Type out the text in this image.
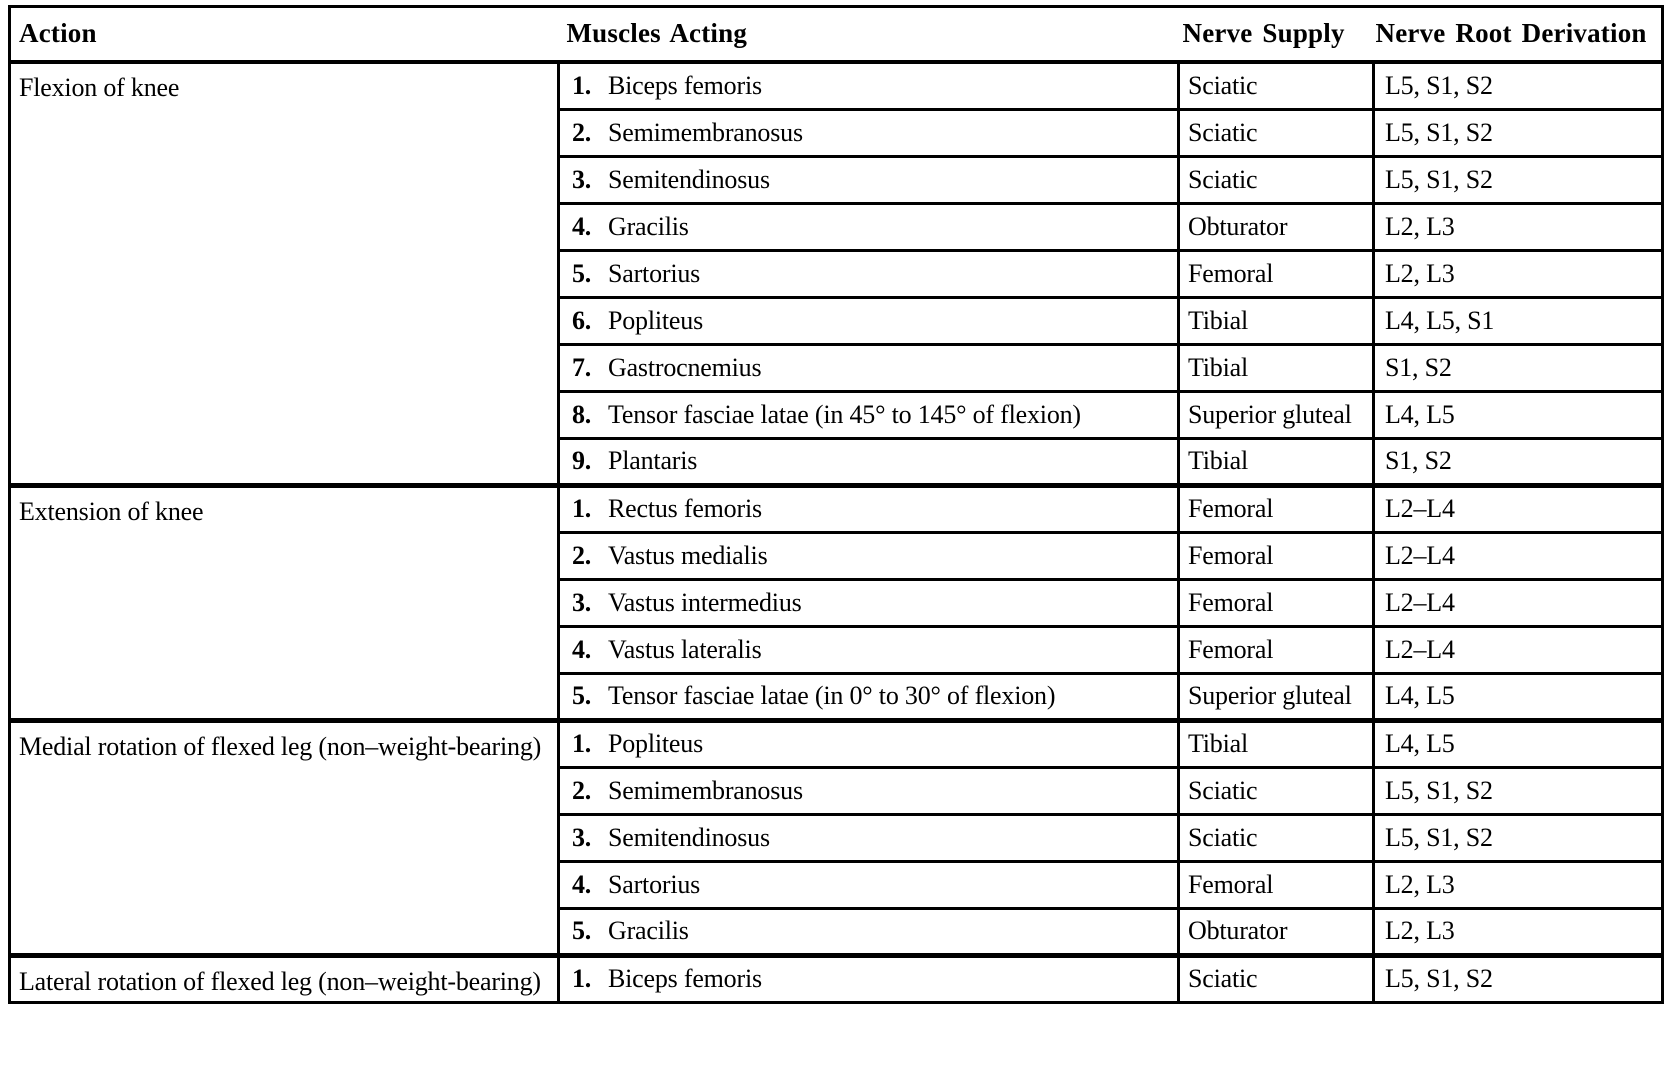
Action	Muscles Acting	Nerve Supply	Nerve Root Derivation
Flexion of knee	1. Biceps femoris	Sciatic	L5, S1, S2
	2. Semimembranosus	Sciatic	L5, S1, S2
	3. Semitendinosus	Sciatic	L5, S1, S2
	4. Gracilis	Obturator	L2, L3
	5. Sartorius	Femoral	L2, L3
	6. Popliteus	Tibial	L4, L5, S1
	7. Gastrocnemius	Tibial	S1, S2
	8. Tensor fasciae latae (in 45° to 145° of flexion)	Superior gluteal	L4, L5
	9. Plantaris	Tibial	S1, S2
Extension of knee	1. Rectus femoris	Femoral	L2–L4
	2. Vastus medialis	Femoral	L2–L4
	3. Vastus intermedius	Femoral	L2–L4
	4. Vastus lateralis	Femoral	L2–L4
	5. Tensor fasciae latae (in 0° to 30° of flexion)	Superior gluteal	L4, L5
Medial rotation of flexed leg (non–weight-bearing)	1. Popliteus	Tibial	L4, L5
	2. Semimembranosus	Sciatic	L5, S1, S2
	3. Semitendinosus	Sciatic	L5, S1, S2
	4. Sartorius	Femoral	L2, L3
	5. Gracilis	Obturator	L2, L3
Lateral rotation of flexed leg (non–weight-bearing)	1. Biceps femoris	Sciatic	L5, S1, S2
